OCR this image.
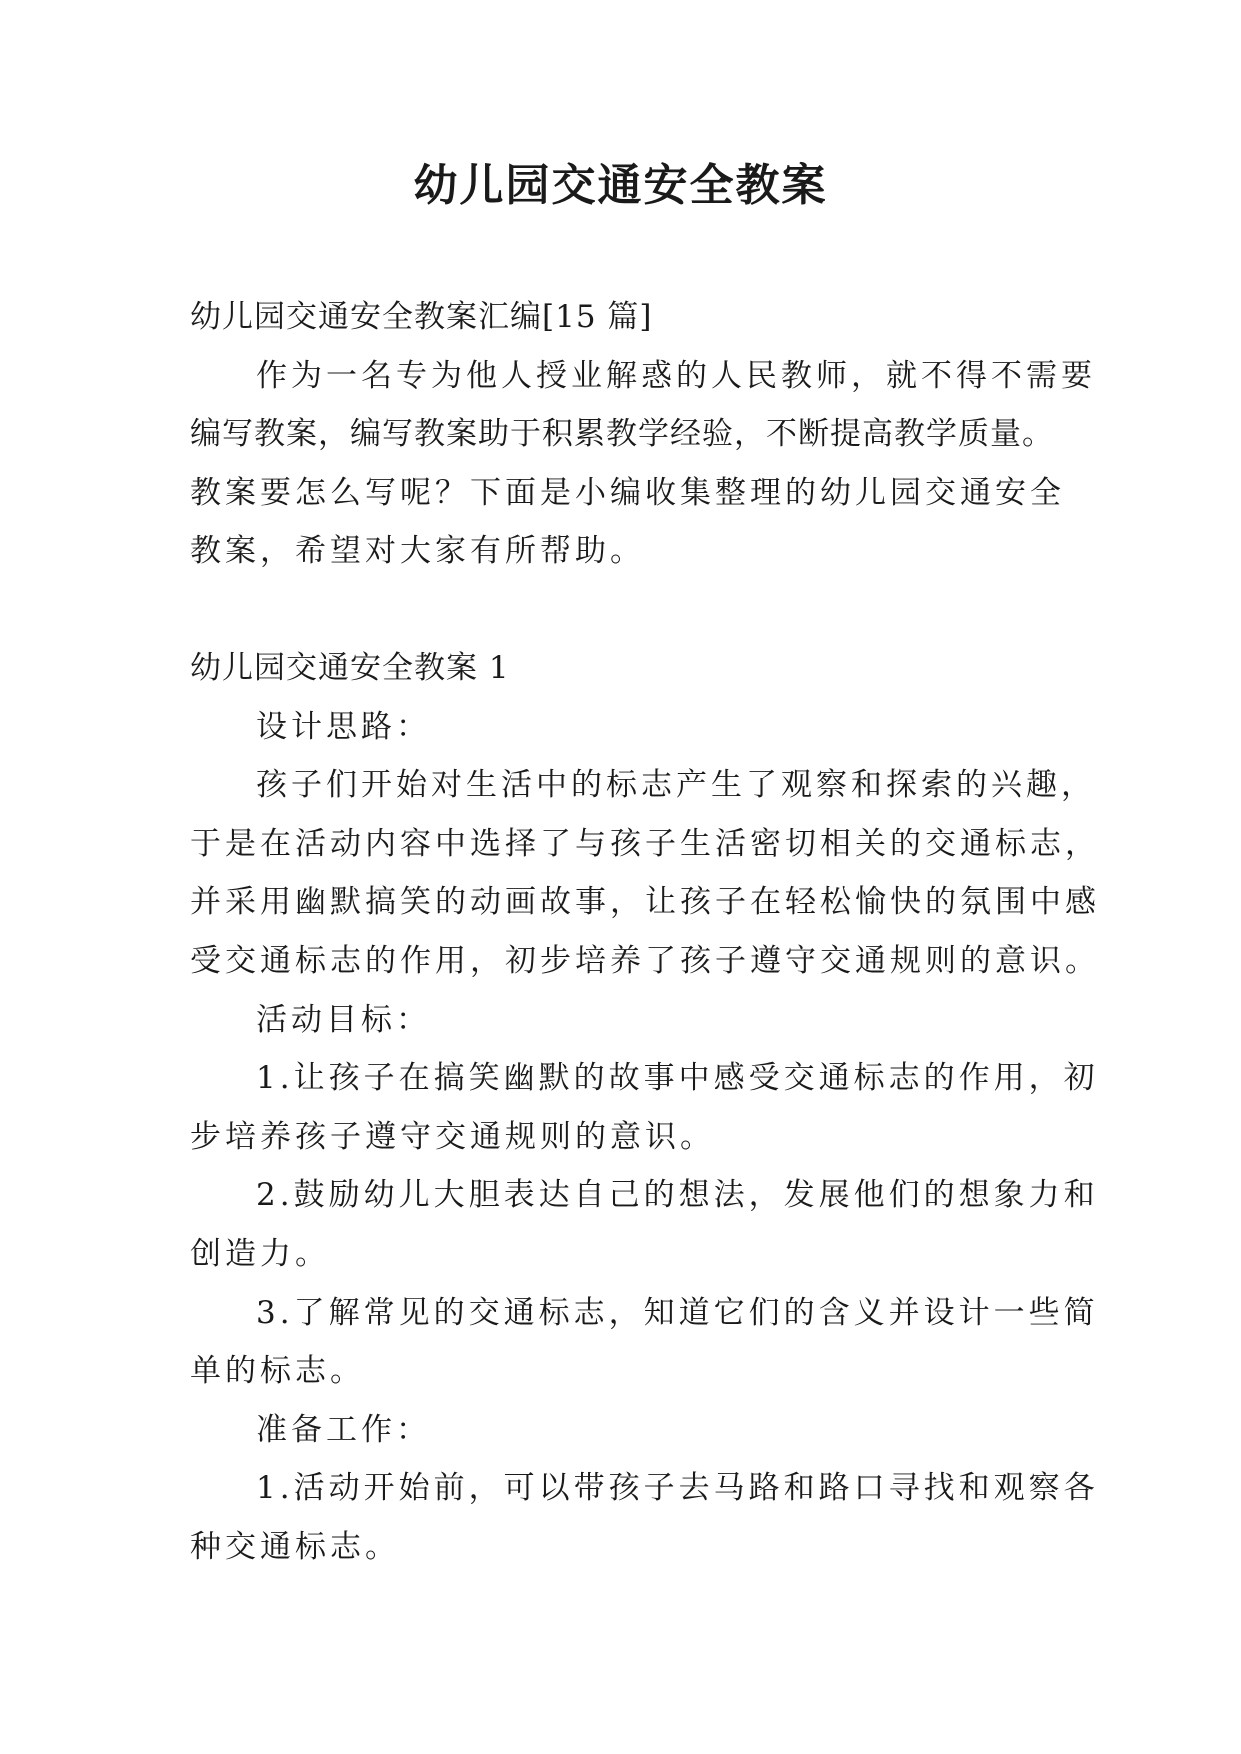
幼儿园交通安全教案

幼儿园交通安全教案汇编[15 篇]

作为一名专为他人授业解惑的人民教师，就不得不需要

编写教案，编写教案助于积累教学经验，不断提高教学质量。

教案要怎么写呢？下面是小编收集整理的幼儿园交通安全

教案，希望对大家有所帮助。

幼儿园交通安全教案 1

设计思路：

孩子们开始对生活中的标志产生了观察和探索的兴趣，

于是在活动内容中选择了与孩子生活密切相关的交通标志，

并采用幽默搞笑的动画故事，让孩子在轻松愉快的氛围中感

受交通标志的作用，初步培养了孩子遵守交通规则的意识。

活动目标：

1.让孩子在搞笑幽默的故事中感受交通标志的作用，初

步培养孩子遵守交通规则的意识。

2.鼓励幼儿大胆表达自己的想法，发展他们的想象力和

创造力。

3.了解常见的交通标志，知道它们的含义并设计一些简

单的标志。

准备工作：

1.活动开始前，可以带孩子去马路和路口寻找和观察各

种交通标志。
